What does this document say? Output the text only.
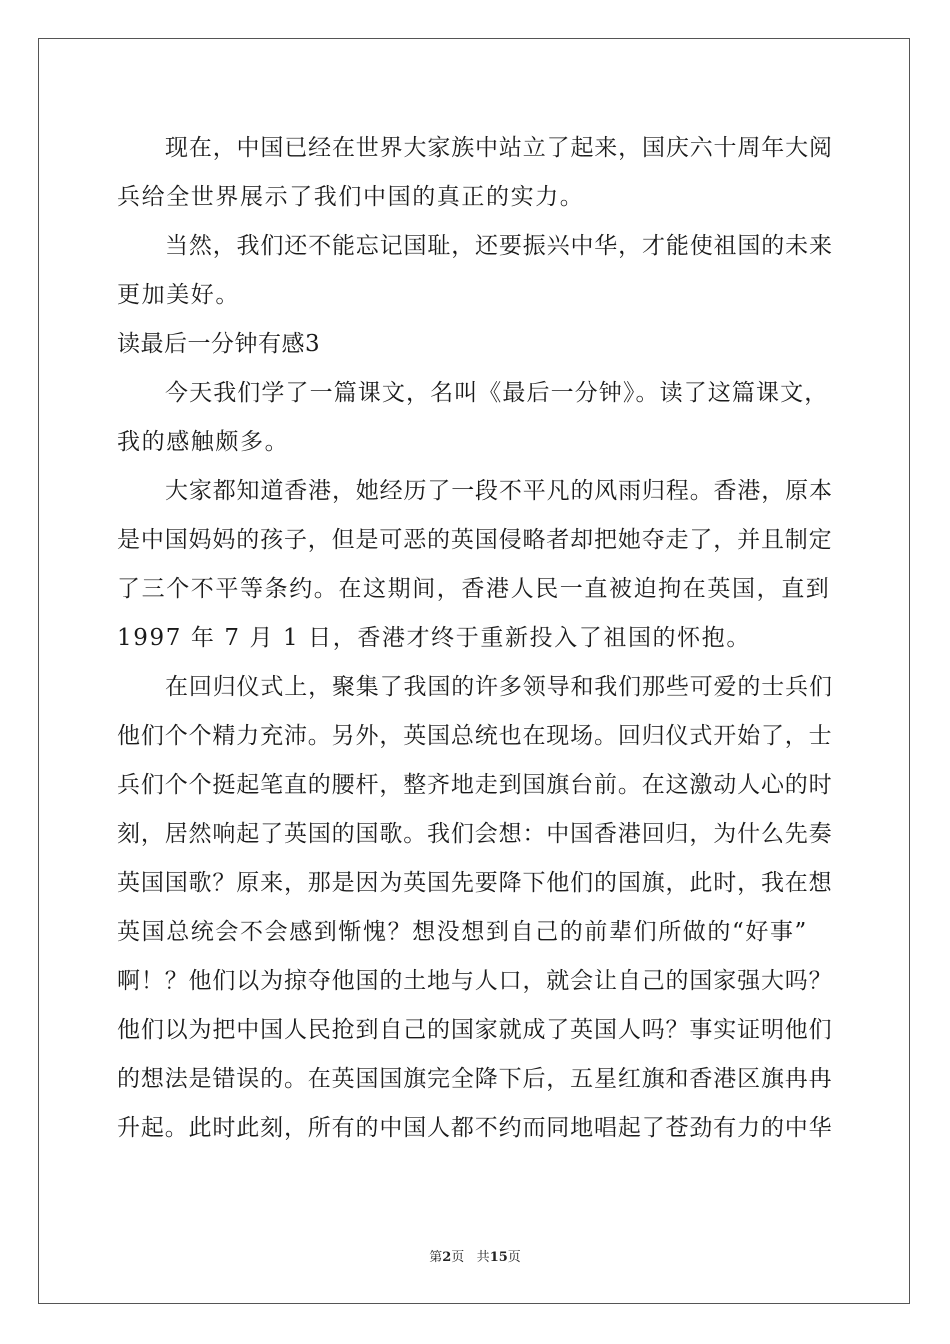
现在，中国已经在世界大家族中站立了起来，国庆六十周年大阅
兵给全世界展示了我们中国的真正的实力。
当然，我们还不能忘记国耻，还要振兴中华，才能使祖国的未来
更加美好。
读最后一分钟有感3
今天我们学了一篇课文，名叫《最后一分钟》。读了这篇课文，
我的感触颇多。
大家都知道香港，她经历了一段不平凡的风雨归程。香港，原本
是中国妈妈的孩子，但是可恶的英国侵略者却把她夺走了，并且制定
了三个不平等条约。在这期间，香港人民一直被迫拘在英国，直到
1997 年 7 月 1 日，香港才终于重新投入了祖国的怀抱。
在回归仪式上，聚集了我国的许多领导和我们那些可爱的士兵们
他们个个精力充沛。另外，英国总统也在现场。回归仪式开始了，士
兵们个个挺起笔直的腰杆，整齐地走到国旗台前。在这激动人心的时
刻，居然响起了英国的国歌。我们会想：中国香港回归，为什么先奏
英国国歌？原来，那是因为英国先要降下他们的国旗，此时，我在想
英国总统会不会感到惭愧？想没想到自己的前辈们所做的“好事”
啊！？他们以为掠夺他国的土地与人口，就会让自己的国家强大吗？
他们以为把中国人民抢到自己的国家就成了英国人吗？事实证明他们
的想法是错误的。在英国国旗完全降下后，五星红旗和香港区旗冉冉
升起。此时此刻，所有的中国人都不约而同地唱起了苍劲有力的中华
第2页 共15页
